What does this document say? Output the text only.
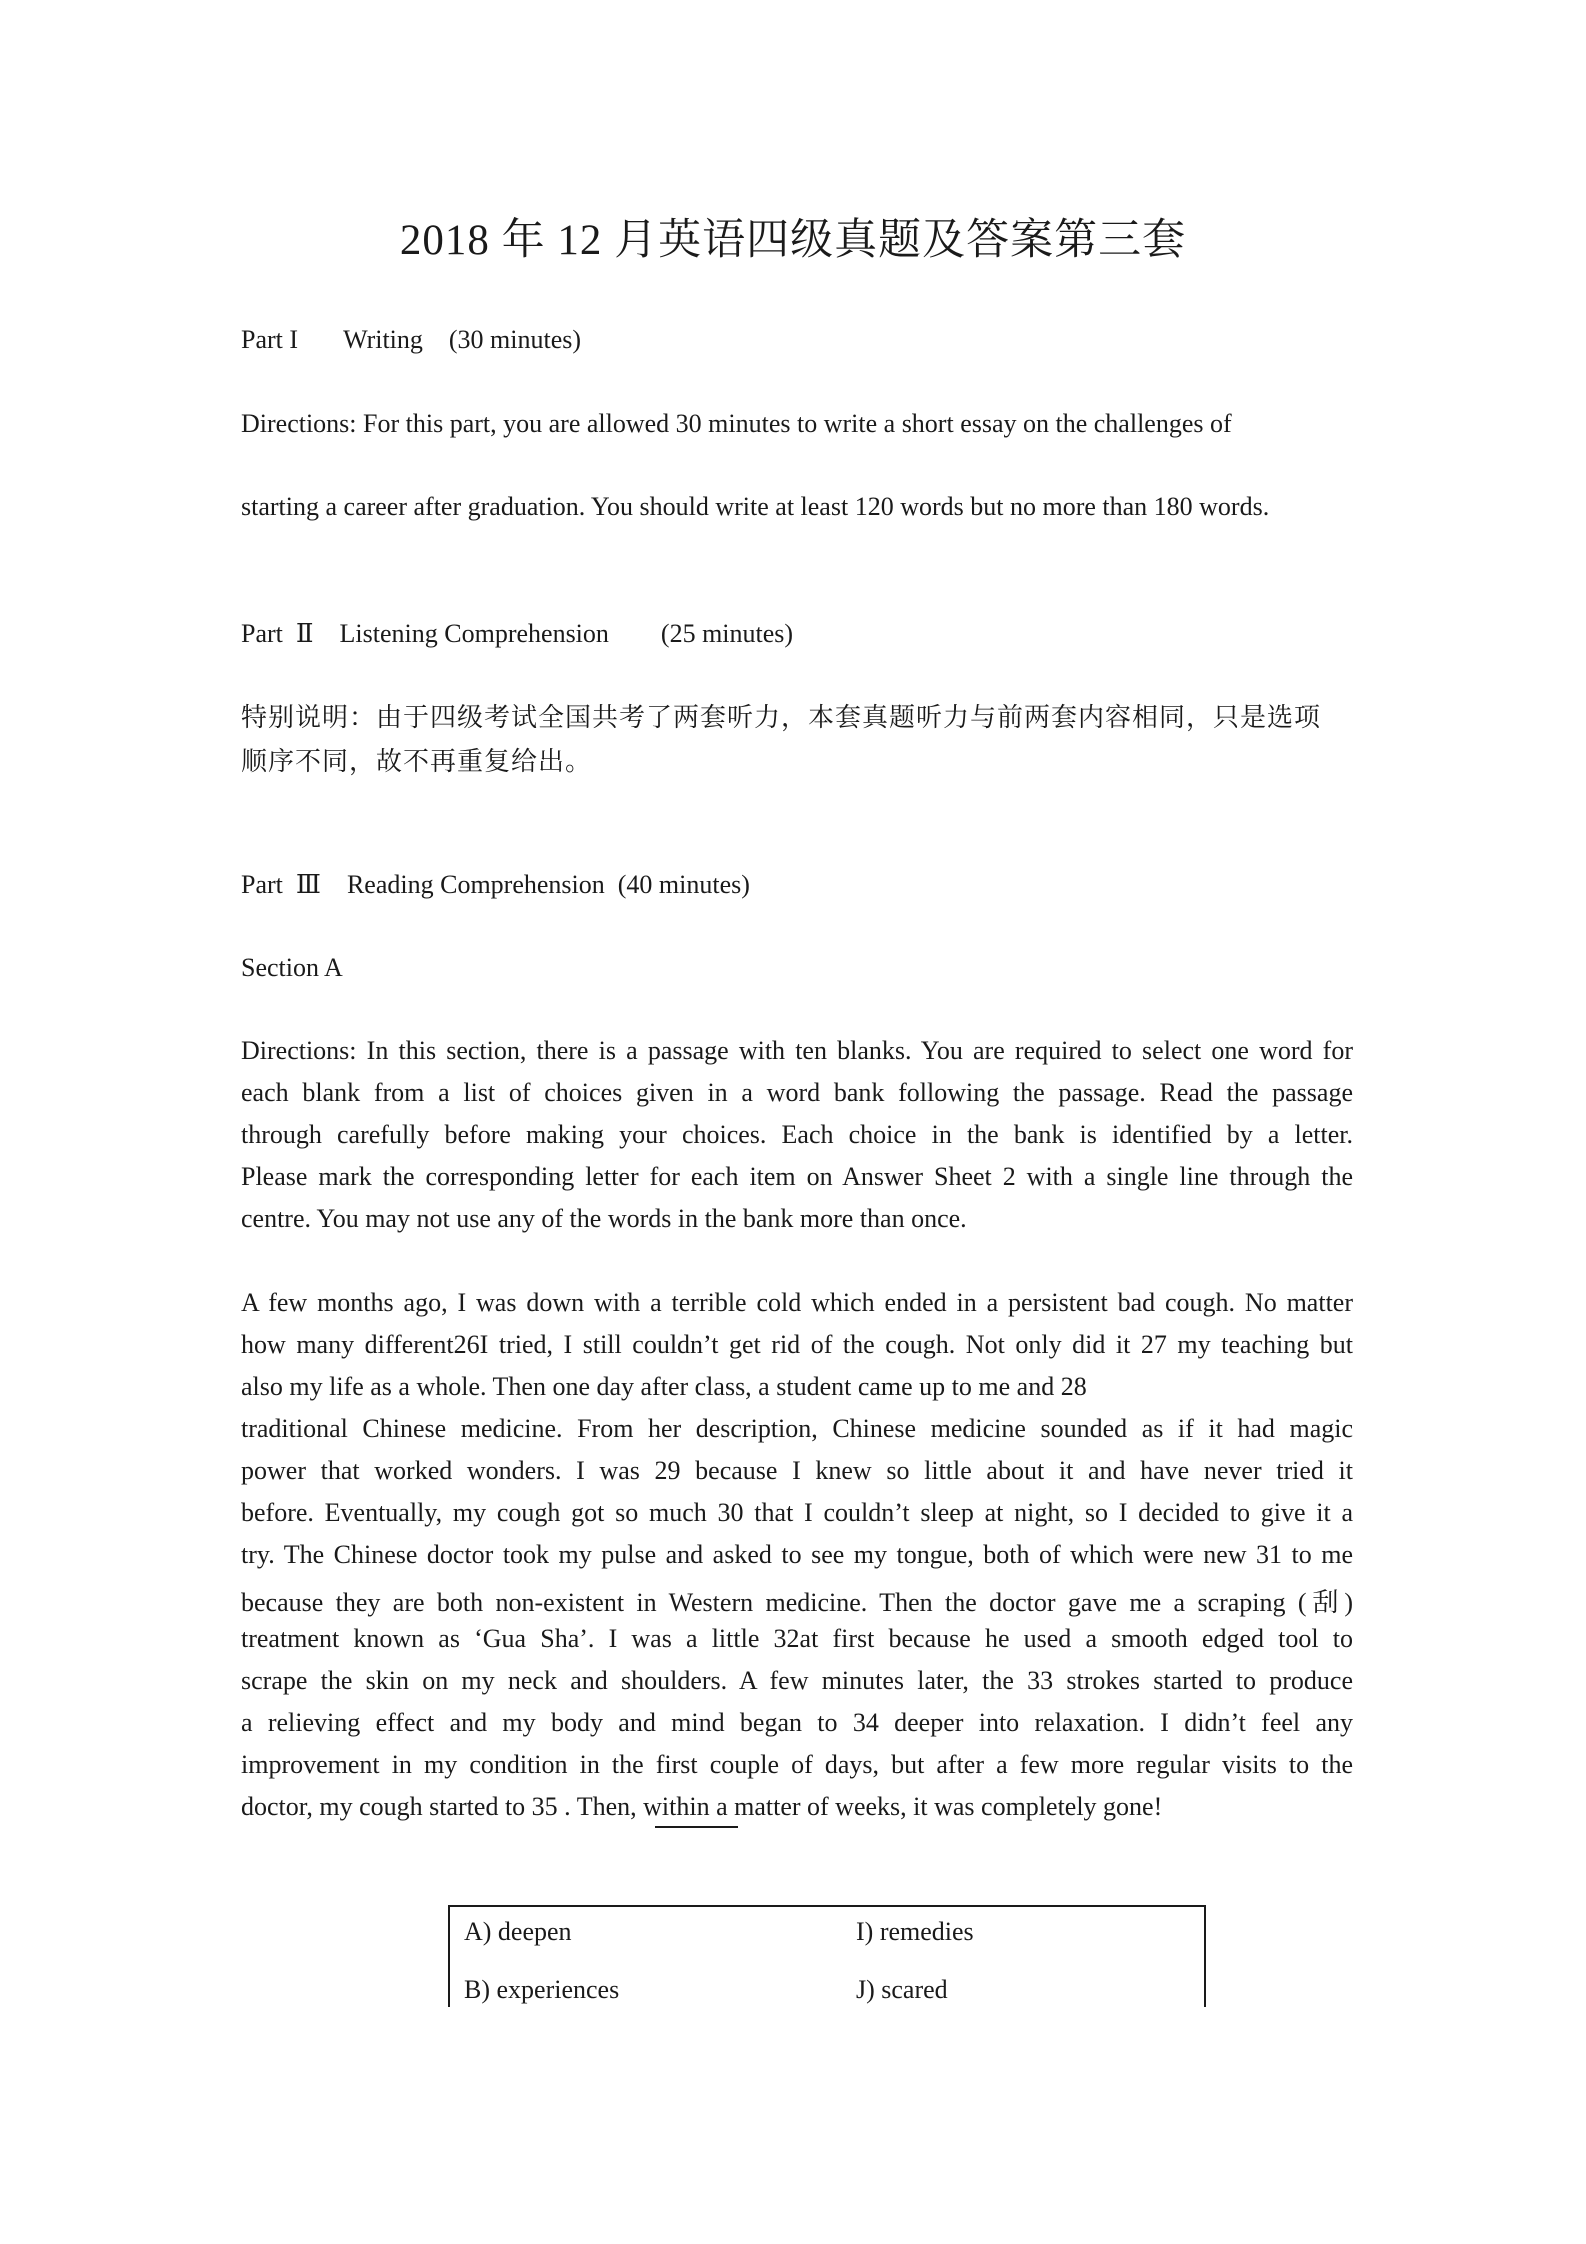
2018 年 12 月英语四级真题及答案第三套
Part I       Writing    (30 minutes)
Directions: For this part, you are allowed 30 minutes to write a short essay on the challenges of
starting a career after graduation. You should write at least 120 words but no more than 180 words.
Part  Ⅱ    Listening Comprehension        (25 minutes)
特别说明：由于四级考试全国共考了两套听力，本套真题听力与前两套内容相同，只是选项
顺序不同，故不再重复给出。
Part  Ⅲ    Reading Comprehension  (40 minutes)
Section A
Directions: In this section, there is a passage with ten blanks. You are required to select one word for
each blank from a list of choices given in a word bank following the passage. Read the passage
through carefully before making your choices. Each choice in the bank is identified by a letter.
Please mark the corresponding letter for each item on Answer Sheet 2 with a single line through the
centre. You may not use any of the words in the bank more than once.
A few months ago, I was down with a terrible cold which ended in a persistent bad cough. No matter
how many different26I tried, I still couldn’t get rid of the cough. Not only did it 27 my teaching but
also my life as a whole. Then one day after class, a student came up to me and 28
traditional Chinese medicine. From her description, Chinese medicine sounded as if it had magic
power that worked wonders. I was 29 because I knew so little about it and have never tried it
before. Eventually, my cough got so much 30 that I couldn’t sleep at night, so I decided to give it a
try. The Chinese doctor took my pulse and asked to see my tongue, both of which were new 31 to me
because they are both non-existent in Western medicine. Then the doctor gave me a scraping (刮)
treatment known as ‘Gua Sha’. I was a little 32at first because he used a smooth edged tool to
scrape the skin on my neck and shoulders. A few minutes later, the 33 strokes started to produce
a relieving effect and my body and mind began to 34 deeper into relaxation. I didn’t feel any
improvement in my condition in the first couple of days, but after a few more regular visits to the
doctor, my cough started to 35 . Then, within a matter of weeks, it was completely gone!
A) deepen	I) remedies
B) experiences	J) scared
